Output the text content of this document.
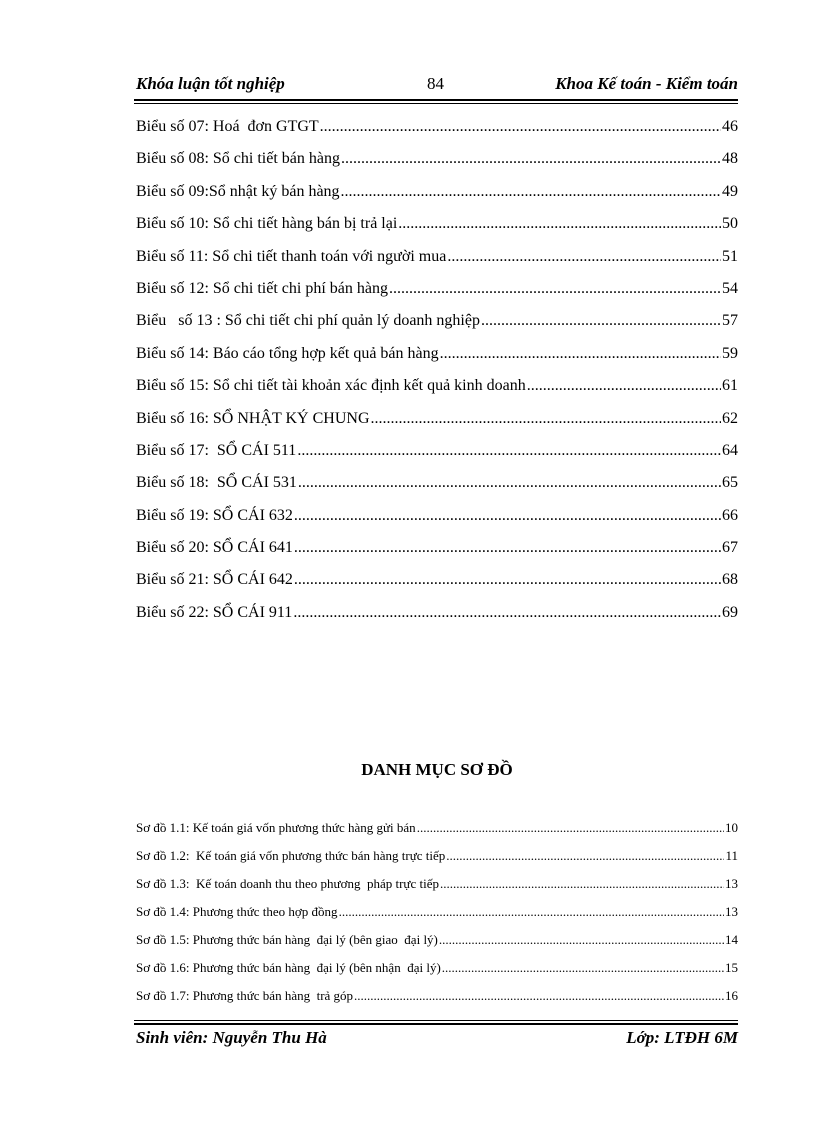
Khóa luận tốt nghiệp	84	Khoa Kế toán - Kiểm toán
Biểu số 07: Hoá  đơn GTGT .....	46
Biểu số 08: Sổ chi tiết bán hàng .....	48
Biểu số 09:Sổ nhật ký bán hàng .....	49
Biểu số 10: Sổ chi tiết hàng bán bị trả lại .....	50
Biểu số 11: Sổ chi tiết thanh toán với người mua .....	51
Biểu số 12: Sổ chi tiết chi phí bán hàng .....	54
Biểu   số 13 : Sổ chi tiết chi phí quản lý doanh nghiệp .....	57
Biểu số 14: Báo cáo tổng hợp kết quả bán hàng .....	59
Biểu số 15: Sổ chi tiết tài khoản xác định kết quả kinh doanh .....	61
Biểu số 16: SỔ NHẬT KÝ CHUNG .....	62
Biểu số 17:  SỔ CÁI 511 .....	64
Biểu số 18:  SỔ CÁI 531 .....	65
Biểu số 19: SỔ CÁI 632 .....	66
Biểu số 20: SỔ CÁI 641 .....	67
Biểu số 21: SỔ CÁI 642 .....	68
Biểu số 22: SỔ CÁI 911 .....	69
DANH MỤC SƠ ĐỒ
Sơ đồ 1.1: Kế toán giá vốn phương thức hàng gửi bán .....	10
Sơ đồ 1.2:  Kế toán giá vốn phương thức bán hàng trực tiếp .....	11
Sơ đồ 1.3:  Kế toán doanh thu theo phương  pháp trực tiếp .....	13
Sơ đồ 1.4: Phương thức theo hợp đồng .....	13
Sơ đồ 1.5: Phương thức bán hàng  đại lý (bên giao  đại lý) .....	14
Sơ đồ 1.6: Phương thức bán hàng  đại lý (bên nhận  đại lý) .....	15
Sơ đồ 1.7: Phương thức bán hàng  trả góp .....	16
Sinh viên: Nguyễn Thu Hà	Lớp: LTĐH 6M
